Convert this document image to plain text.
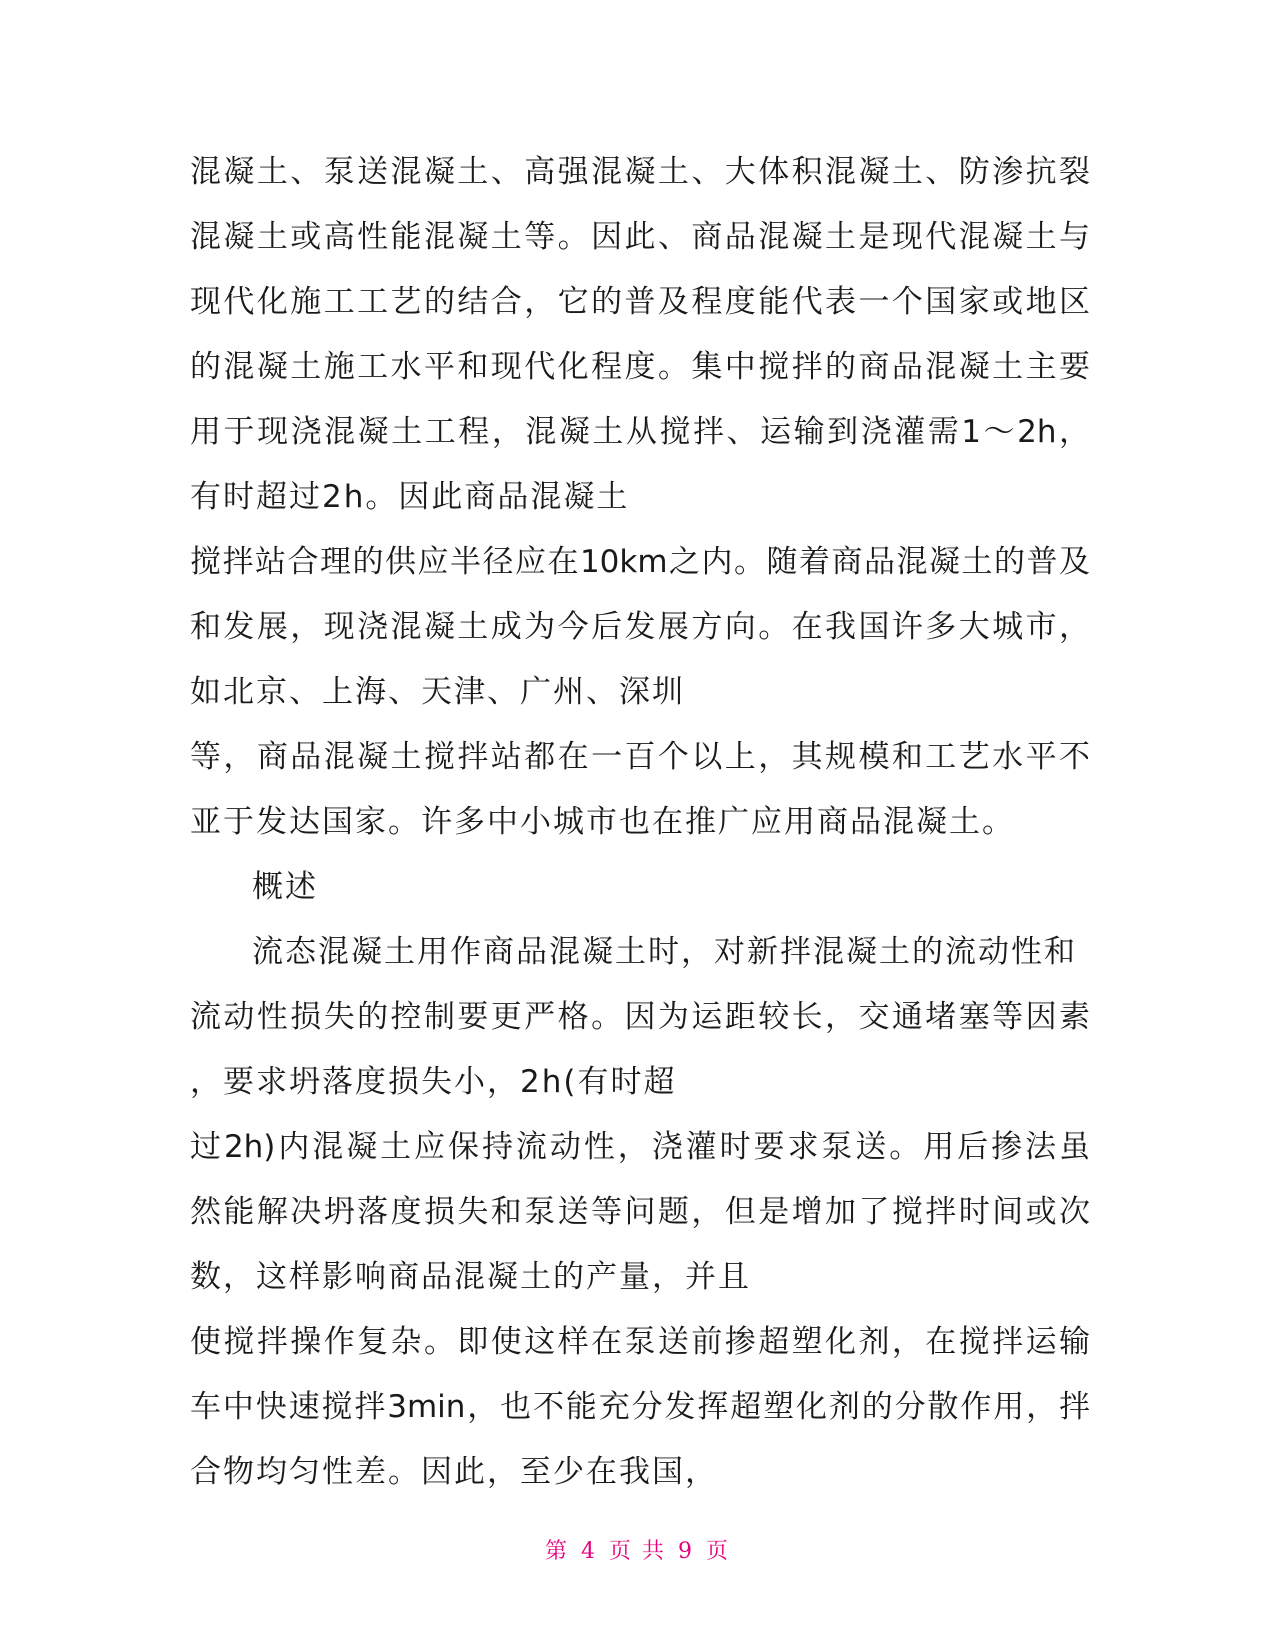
混凝土、泵送混凝土、高强混凝土、大体积混凝土、防渗抗裂
混凝土或高性能混凝土等。因此、商品混凝土是现代混凝土与
现代化施工工艺的结合，它的普及程度能代表一个国家或地区
的混凝土施工水平和现代化程度。集中搅拌的商品混凝土主要
用于现浇混凝土工程，混凝土从搅拌、运输到浇灌需1～2h，
有时超过2h。因此商品混凝土
搅拌站合理的供应半径应在10km之内。随着商品混凝土的普及
和发展，现浇混凝土成为今后发展方向。在我国许多大城市，
如北京、上海、天津、广州、深圳
等，商品混凝土搅拌站都在一百个以上，其规模和工艺水平不
亚于发达国家。许多中小城市也在推广应用商品混凝土。
概述
流态混凝土用作商品混凝土时，对新拌混凝土的流动性和
流动性损失的控制要更严格。因为运距较长，交通堵塞等因素
，要求坍落度损失小，2h(有时超
过2h)内混凝土应保持流动性，浇灌时要求泵送。用后掺法虽
然能解决坍落度损失和泵送等问题，但是增加了搅拌时间或次
数，这样影响商品混凝土的产量，并且
使搅拌操作复杂。即使这样在泵送前掺超塑化剂，在搅拌运输
车中快速搅拌3min，也不能充分发挥超塑化剂的分散作用，拌
合物均匀性差。因此，至少在我国，
第 4 页 共 9 页
